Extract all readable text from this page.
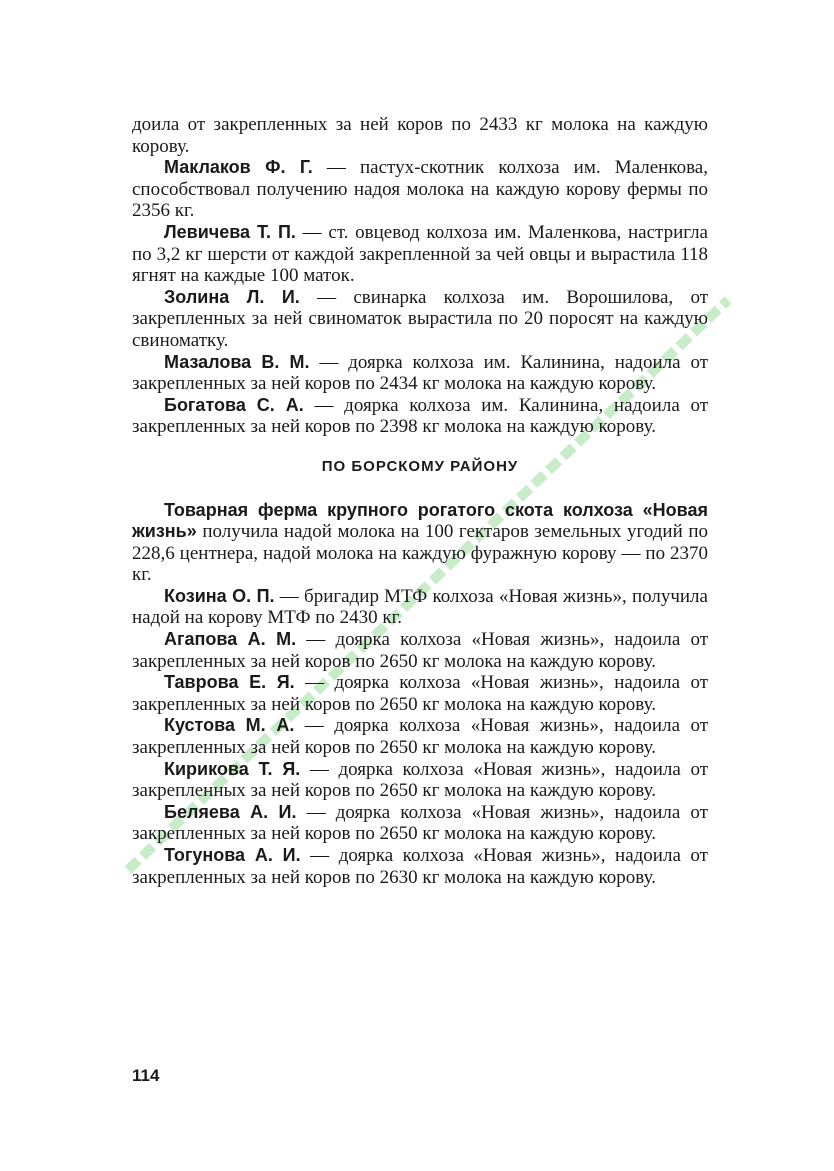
доила от закрепленных за ней коров по 2433 кг молока на каждую корову.

Маклаков Ф. Г. — пастух-скотник колхоза им. Маленкова, способствовал получению надоя молока на каждую корову фермы по 2356 кг.

Левичева Т. П. — ст. овцевод колхоза им. Маленкова, настригла по 3,2 кг шерсти от каждой закрепленной за чей овцы и вырастила 118 ягнят на каждые 100 маток.

Золина Л. И. — свинарка колхоза им. Ворошилова, от закрепленных за ней свиноматок вырастила по 20 поросят на каждую свиноматку.

Мазалова В. М. — доярка колхоза им. Калинина, надоила от закрепленных за ней коров по 2434 кг молока на каждую корову.

Богатова С. А. — доярка колхоза им. Калинина, надоила от закрепленных за ней коров по 2398 кг молока на каждую корову.

ПО БОРСКОМУ РАЙОНУ

Товарная ферма крупного рогатого скота колхоза «Новая жизнь» получила надой молока на 100 гектаров земельных угодий по 228,6 центнера, надой молока на каждую фуражную корову — по 2370 кг.

Козина О. П. — бригадир МТФ колхоза «Новая жизнь», получила надой на корову МТФ по 2430 кг.

Агапова А. М. — доярка колхоза «Новая жизнь», надоила от закрепленных за ней коров по 2650 кг молока на каждую корову.

Таврова Е. Я. — доярка колхоза «Новая жизнь», надоила от закрепленных за ней коров по 2650 кг молока на каждую корову.

Кустова М. А. — доярка колхоза «Новая жизнь», надоила от закрепленных за ней коров по 2650 кг молока на каждую корову.

Кирикова Т. Я. — доярка колхоза «Новая жизнь», надоила от закрепленных за ней коров по 2650 кг молока на каждую корову.

Беляева А. И. — доярка колхоза «Новая жизнь», надоила от закрепленных за ней коров по 2650 кг молока на каждую корову.

Тогунова А. И. — доярка колхоза «Новая жизнь», надоила от закрепленных за ней коров по 2630 кг молока на каждую корову.

114
